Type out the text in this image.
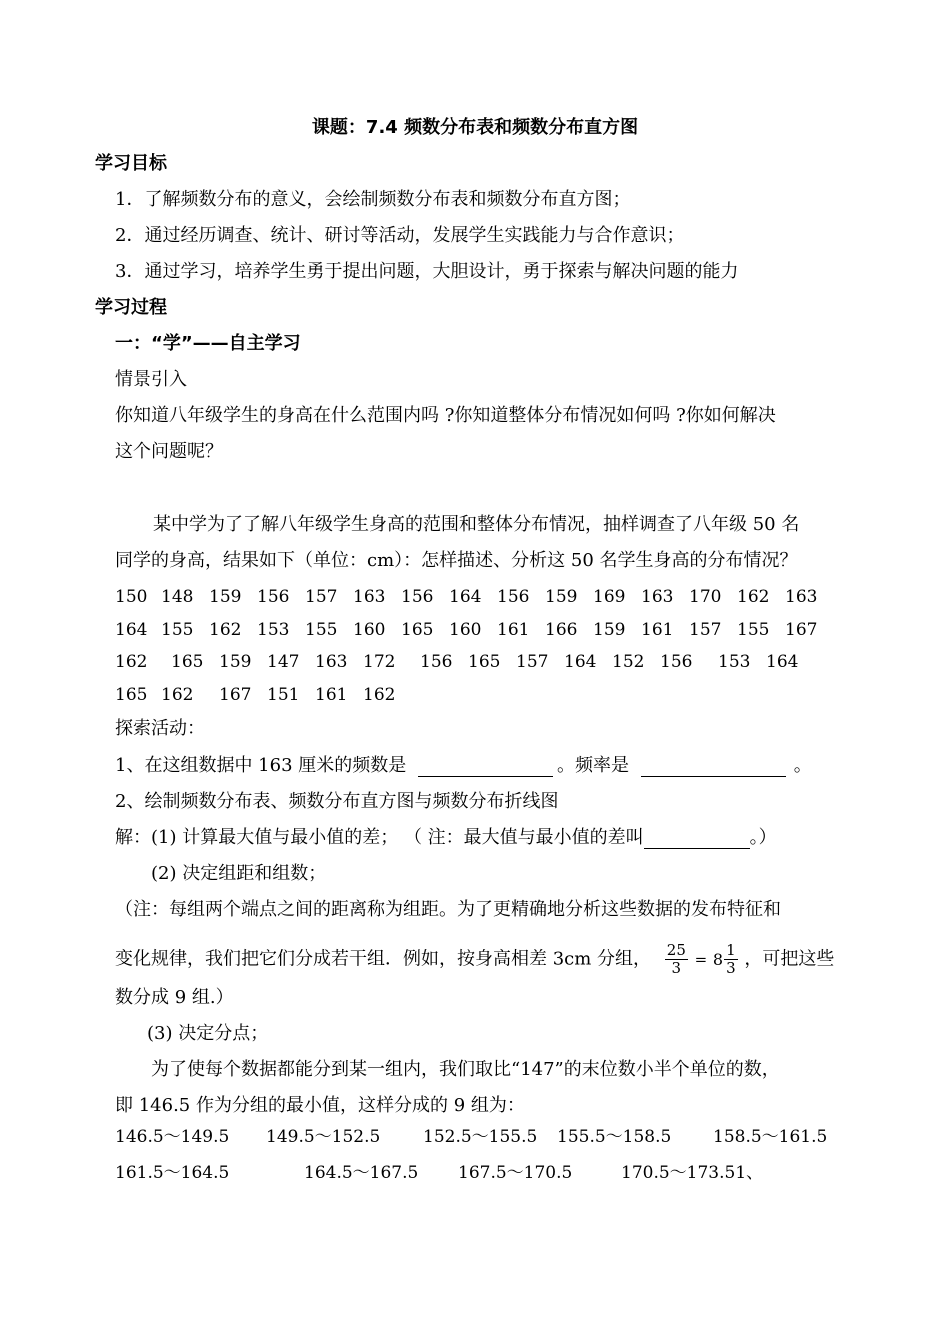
课题：7.4 频数分布表和频数分布直方图
学习目标
1．了解频数分布的意义，会绘制频数分布表和频数分布直方图；
2．通过经历调查、统计、研讨等活动，发展学生实践能力与合作意识；
3．通过学习，培养学生勇于提出问题，大胆设计，勇于探索与解决问题的能力
学习过程
一：“学”——自主学习
情景引入
你知道八年级学生的身高在什么范围内吗 ?你知道整体分布情况如何吗 ?你如何解决
这个问题呢？
某中学为了了解八年级学生身高的范围和整体分布情况，抽样调查了八年级 50 名
同学的身高，结果如下（单位：cm）：怎样描述、分析这 50 名学生身高的分布情况？
150 148 159 156 157 163 156 164 156 159 169 163 170 162 163
164 155 162 153 155 160 165 160 161 166 159 161 157 155 167
162 165 159 147 163 172 156 165 157 164 152 156 153 164
165 162 167 151 161 162
探索活动：
1、在这组数据中 163 厘米的频数是	。频率是	。
2、绘制频数分布表、频数分布直方图与频数分布折线图
解：(1) 计算最大值与最小值的差； （ 注：最大值与最小值的差叫	。）
(2) 决定组距和组数；
（注：每组两个端点之间的距离称为组距。为了更精确地分析这些数据的发布特征和
变化规律，我们把它们分成若干组．例如，按身高相差 3cm 分组， $\frac{25}{3} = 8 \frac{1}{3}$ ，可把这些
数分成 9 组.）
(3) 决定分点；
为了使每个数据都能分到某一组内，我们取比“147”的末位数小半个单位的数，
即 146.5 作为分组的最小值，这样分成的 9 组为：
146.5～149.5 149.5～152.5	152.5～155.5 155.5～158.5 158.5～161.5
161.5～164.5	164.5～167.5 167.5～170.5	170.5～173.51、
